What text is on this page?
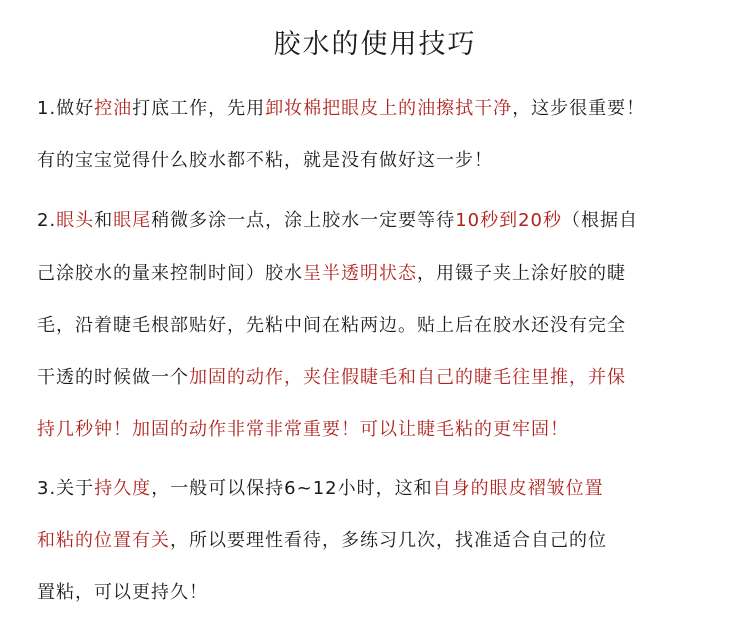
胶水的使用技巧
1.做好控油打底工作，先用卸妆棉把眼皮上的油擦拭干净，这步很重要！
有的宝宝觉得什么胶水都不粘，就是没有做好这一步！
2.眼头和眼尾稍微多涂一点，涂上胶水一定要等待10秒到20秒（根据自
己涂胶水的量来控制时间）胶水呈半透明状态，用镊子夹上涂好胶的睫
毛，沿着睫毛根部贴好，先粘中间在粘两边。贴上后在胶水还没有完全
干透的时候做一个加固的动作，夹住假睫毛和自己的睫毛往里推，并保
持几秒钟！加固的动作非常非常重要！可以让睫毛粘的更牢固！
3.关于持久度，一般可以保持6~12小时，这和自身的眼皮褶皱位置
和粘的位置有关，所以要理性看待，多练习几次，找准适合自己的位
置粘，可以更持久！
